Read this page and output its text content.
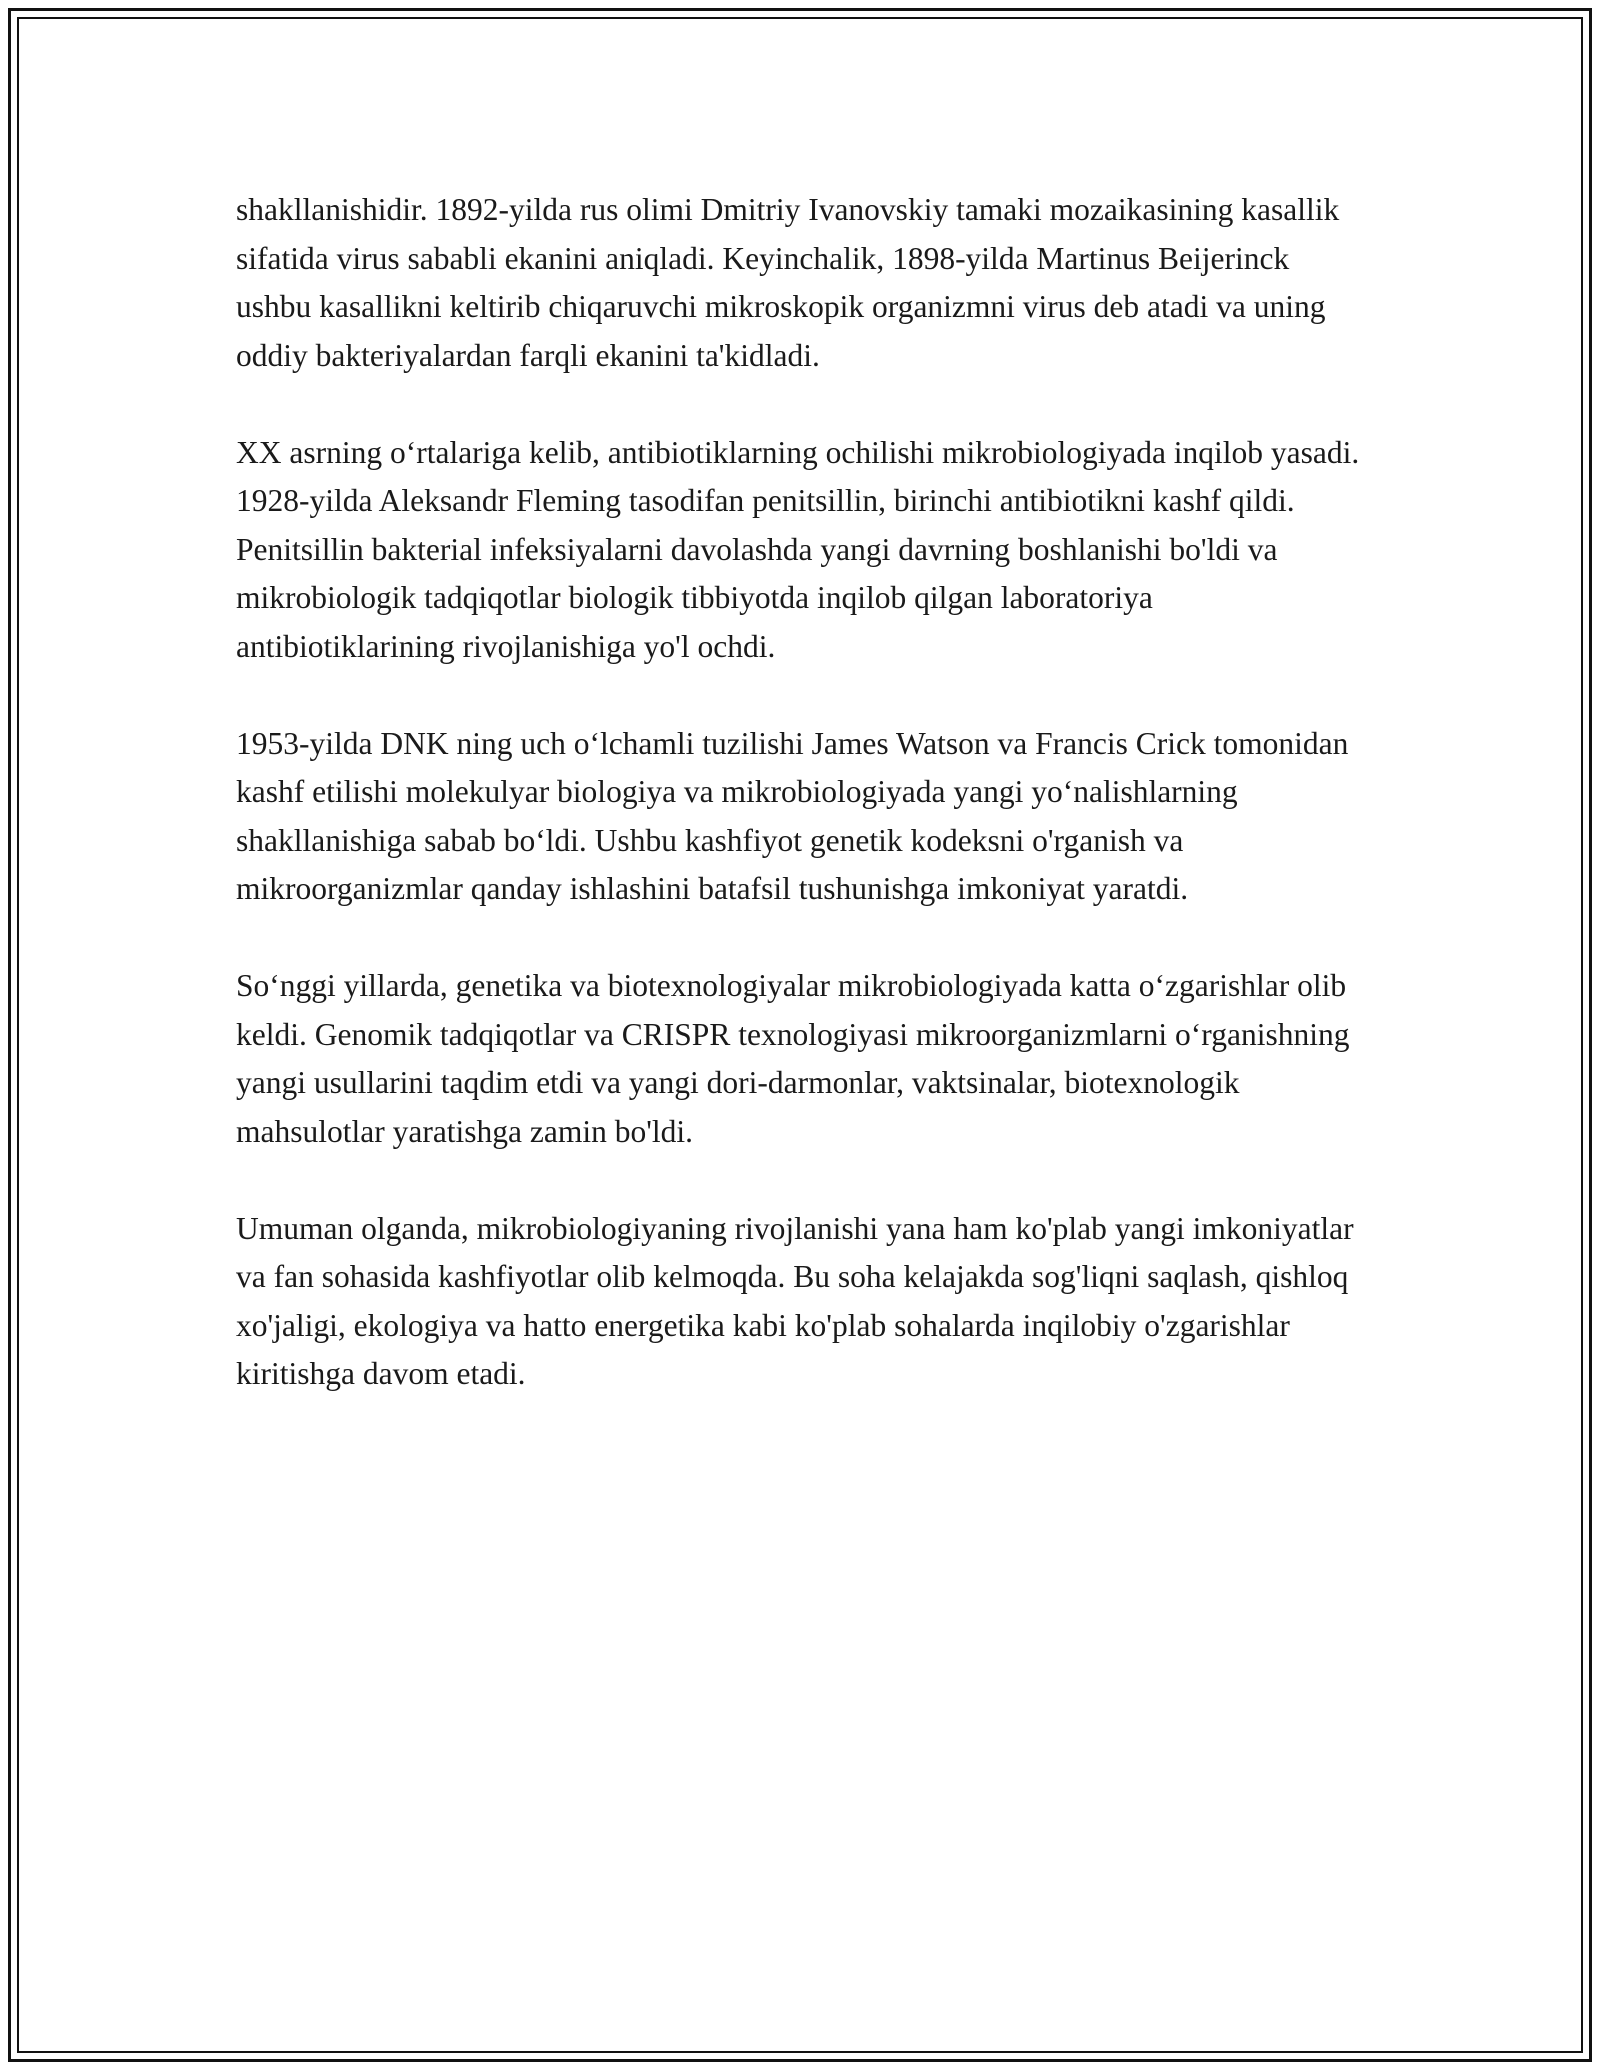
shakllanishidir. 1892-yilda rus olimi Dmitriy Ivanovskiy tamaki mozaikasining kasallik sifatida virus sababli ekanini aniqladi. Keyinchalik, 1898-yilda Martinus Beijerinck ushbu kasallikni keltirib chiqaruvchi mikroskopik organizmni virus deb atadi va uning oddiy bakteriyalardan farqli ekanini ta'kidladi.

XX asrning o‘rtalariga kelib, antibiotiklarning ochilishi mikrobiologiyada inqilob yasadi. 1928-yilda Aleksandr Fleming tasodifan penitsillin, birinchi antibiotikni kashf qildi. Penitsillin bakterial infeksiyalarni davolashda yangi davrning boshlanishi bo'ldi va mikrobiologik tadqiqotlar biologik tibbiyotda inqilob qilgan laboratoriya antibiotiklarining rivojlanishiga yo'l ochdi.

1953-yilda DNK ning uch o‘lchamli tuzilishi James Watson va Francis Crick tomonidan kashf etilishi molekulyar biologiya va mikrobiologiyada yangi yo‘nalishlarning shakllanishiga sabab bo‘ldi. Ushbu kashfiyot genetik kodeksni o'rganish va mikroorganizmlar qanday ishlashini batafsil tushunishga imkoniyat yaratdi.

So‘nggi yillarda, genetika va biotexnologiyalar mikrobiologiyada katta o‘zgarishlar olib keldi. Genomik tadqiqotlar va CRISPR texnologiyasi mikroorganizmlarni o‘rganishning yangi usullarini taqdim etdi va yangi dori-darmonlar, vaktsinalar, biotexnologik mahsulotlar yaratishga zamin bo'ldi.

Umuman olganda, mikrobiologiyaning rivojlanishi yana ham ko'plab yangi imkoniyatlar va fan sohasida kashfiyotlar olib kelmoqda. Bu soha kelajakda sog'liqni saqlash, qishloq xo'jaligi, ekologiya va hatto energetika kabi ko'plab sohalarda inqilobiy o'zgarishlar kiritishga davom etadi.
